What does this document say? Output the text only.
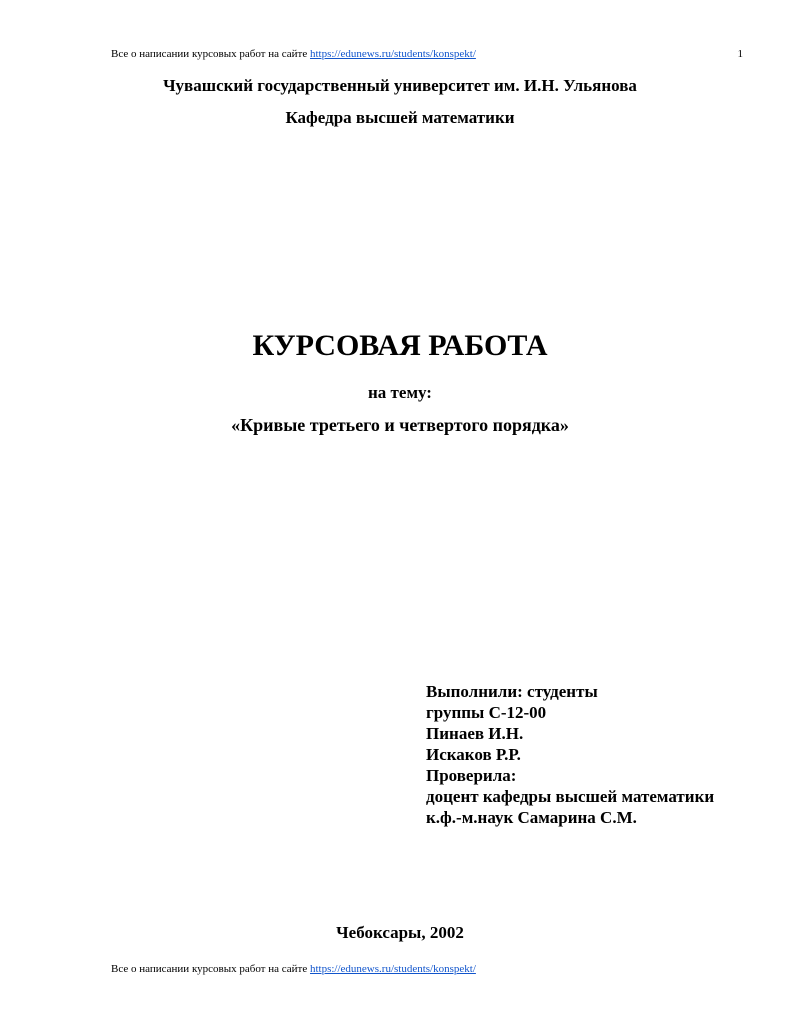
Все о написании курсовых работ на сайте https://edunews.ru/students/konspekt/	1
Чувашский государственный университет им. И.Н. Ульянова
Кафедра высшей математики
КУРСОВАЯ РАБОТА
на тему:
«Кривые третьего и четвертого порядка»
Выполнили: студенты
группы С-12-00
Пинаев И.Н.
Искаков Р.Р.
Проверила:
доцент кафедры высшей математики
к.ф.-м.наук Самарина С.М.
Чебоксары, 2002
Все о написании курсовых работ на сайте https://edunews.ru/students/konspekt/
